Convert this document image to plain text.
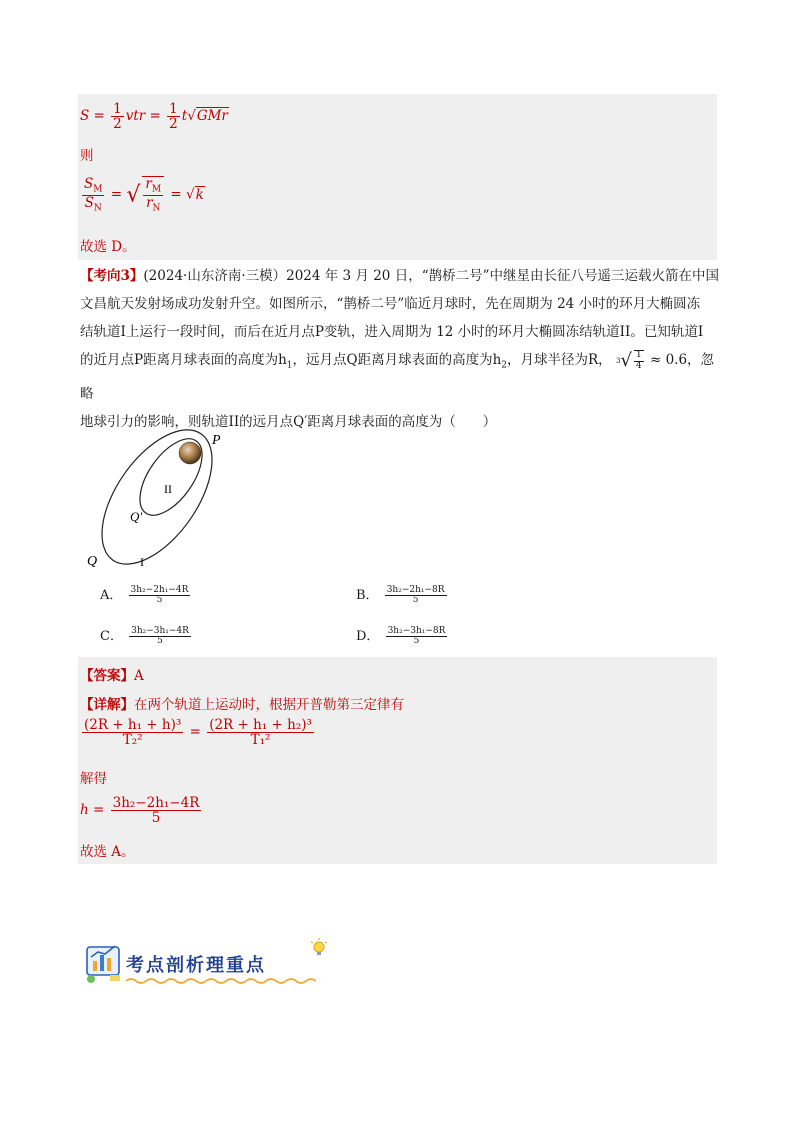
$S = \frac{1}{2}$ vtr = $\frac{1}{2} t√GMr$
则
$\frac{S_M}{S_N}$ = √ $\frac{r_M}{r_N} = √k$
故选 D。
【考向3】(2024·山东济南·三模）2024 年 3 月 20 日，“鹊桥二号”中继星由长征八号遥三运载火箭在中国
文昌航天发射场成功发射升空。如图所示，“鹊桥二号”临近月球时，先在周期为 24 小时的环月大椭圆冻
结轨道I上运行一段时间，而后在近月点P变轨，进入周期为 12 小时的环月大椭圆冻结轨道II。已知轨道I
的近月点P距离月球表面的高度为$h_1$，远月点Q距离月球表面的高度为$h_2$，月球半径为R， 3 √ $\frac{1}{4} \approx 0.6$，忽略
地球引力的影响，则轨道II的远月点Q′距离月球表面的高度为（　　）
P
II
Q′
Q	I
A． $\frac{\text{3h₂−2h₁−4R}}{5}$	B． $\frac{\text{3h₂−2h₁−8R}}{5}$
C． $\frac{\text{3h₂−3h₁−4R}}{5}$	D． $\frac{\text{3h₂−3h₁−8R}}{5}$
【答案】A
【详解】在两个轨道上运动时，根据开普勒第三定律有
$\frac{\text{(2R + h₁ + h)³}}{\text{T₂²}} = \frac{\text{(2R + h₁ + h₂)³}}{\text{T₁²}}$
解得
$h = \frac{\text{3h₂−2h₁−4R}}{5}$
故选 A。
考点剖析理重点
